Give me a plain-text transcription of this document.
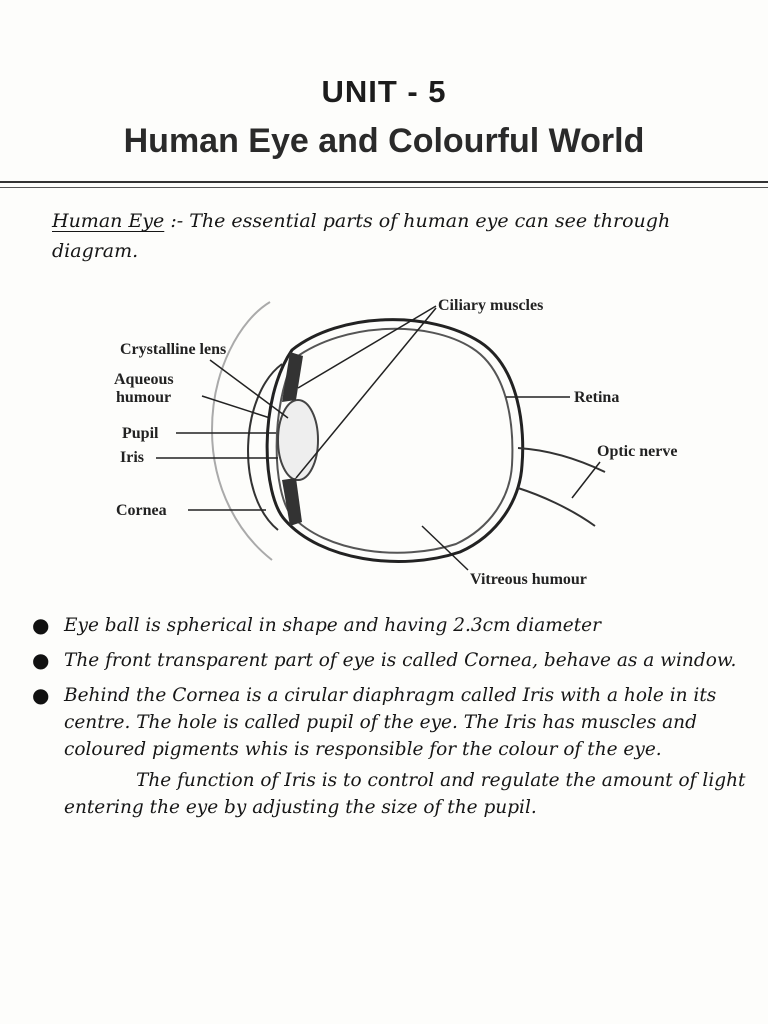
UNIT - 5
Human Eye and Colourful World
Human Eye :- The essential parts of human eye can see through diagram.
Ciliary muscles
Crystalline lens
Aqueous
humour
Pupil
Iris
Cornea
Retina
Optic nerve
Vitreous humour
● Eye ball is spherical in shape and having 2.3cm diameter
● The front transparent part of eye is called Cornea, behave as a window.
● Behind the Cornea is a cirular diaphragm called Iris with a hole in its centre. The hole is called pupil of the eye. The Iris has muscles and coloured pigments whis is responsible for the colour of the eye.
The function of Iris is to control and regulate the amount of light entering the eye by adjusting the size of the pupil.
